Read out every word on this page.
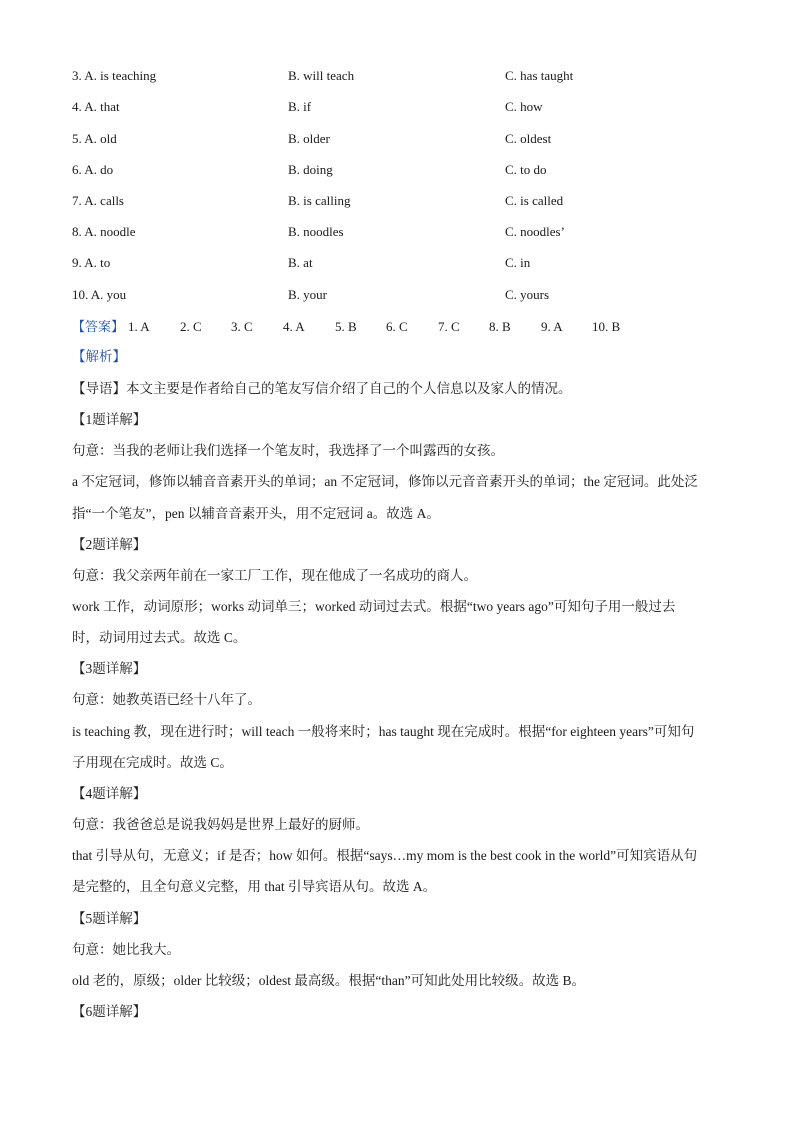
3. A. is teaching	B. will teach	C. has taught
4. A. that	B. if	C. how
5. A. old	B. older	C. oldest
6. A. do	B. doing	C. to do
7. A. calls	B. is calling	C. is called
8. A. noodle	B. noodles	C. noodles’
9. A. to	B. at	C. in
10. A. you	B. your	C. yours
【答案】 1. A 2. C 3. C 4. A 5. B 6. C 7. C 8. B 9. A 10. B
【解析】
【导语】本文主要是作者给自己的笔友写信介绍了自己的个人信息以及家人的情况。
【1题详解】
句意：当我的老师让我们选择一个笔友时，我选择了一个叫露西的女孩。
a 不定冠词，修饰以辅音音素开头的单词；an 不定冠词，修饰以元音音素开头的单词；the 定冠词。此处泛
指“一个笔友”，pen 以辅音音素开头，用不定冠词 a。故选 A。
【2题详解】
句意：我父亲两年前在一家工厂工作，现在他成了一名成功的商人。
work 工作，动词原形；works 动词单三；worked 动词过去式。根据“two years ago”可知句子用一般过去
时，动词用过去式。故选 C。
【3题详解】
句意：她教英语已经十八年了。
is teaching 教，现在进行时；will teach 一般将来时；has taught 现在完成时。根据“for eighteen years”可知句
子用现在完成时。故选 C。
【4题详解】
句意：我爸爸总是说我妈妈是世界上最好的厨师。
that 引导从句，无意义；if 是否；how 如何。根据“says…my mom is the best cook in the world”可知宾语从句
是完整的，且全句意义完整，用 that 引导宾语从句。故选 A。
【5题详解】
句意：她比我大。
old 老的，原级；older 比较级；oldest 最高级。根据“than”可知此处用比较级。故选 B。
【6题详解】
